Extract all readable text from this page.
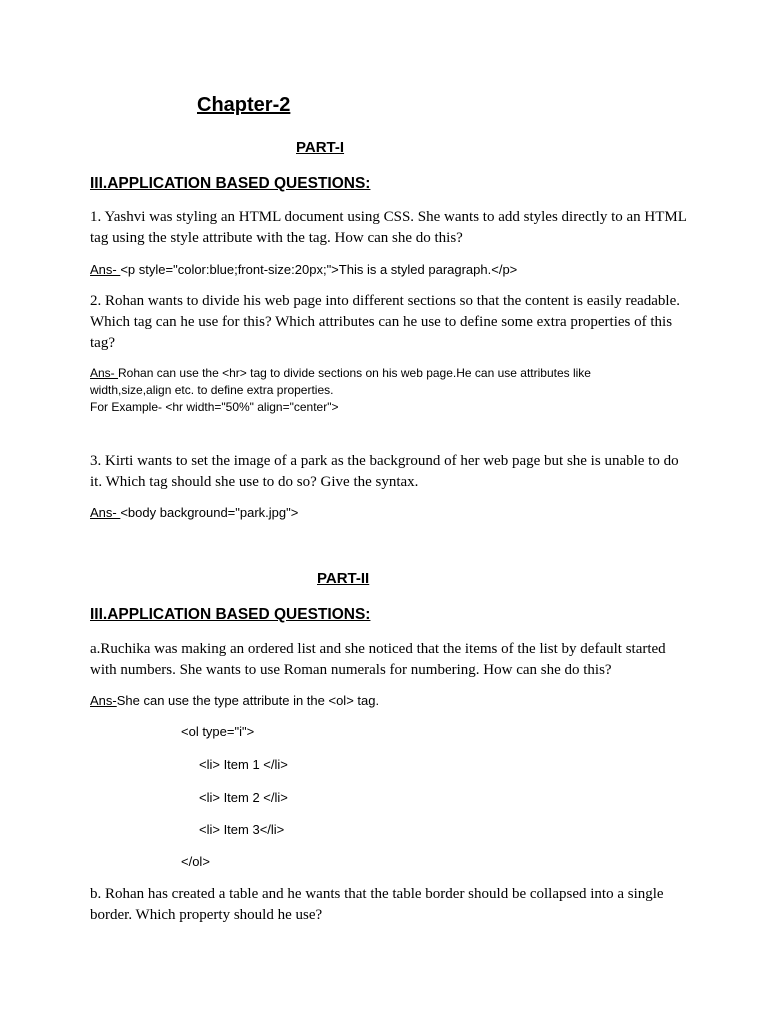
Chapter-2
PART-I
III.APPLICATION BASED QUESTIONS:

1. Yashvi was styling an HTML document using CSS. She wants to add styles directly to an HTML tag using the style attribute with the tag. How can she do this?

Ans- <p style="color:blue;front-size:20px;">This is a styled paragraph.</p>

2. Rohan wants to divide his web page into different sections so that the content is easily readable. Which tag can he use for this? Which attributes can he use to define some extra properties of this tag?

Ans- Rohan can use the <hr> tag to divide sections on his web page.He can use attributes like width,size,align etc. to define extra properties.
For Example- <hr width="50%" align="center">

3. Kirti wants to set the image of a park as the background of her web page but she is unable to do it. Which tag should she use to do so? Give the syntax.

Ans- <body background="park.jpg">
PART-II
III.APPLICATION BASED QUESTIONS:

a.Ruchika was making an ordered list and she noticed that the items of the list by default started with numbers. She wants to use Roman numerals for numbering. How can she do this?

Ans-She can use the type attribute in the <ol> tag.
<ol type="i">
<li> Item 1 </li>
<li> Item 2 </li>
<li> Item 3</li>
</ol>

b. Rohan has created a table and he wants that the table border should be collapsed into a single border. Which property should he use?
